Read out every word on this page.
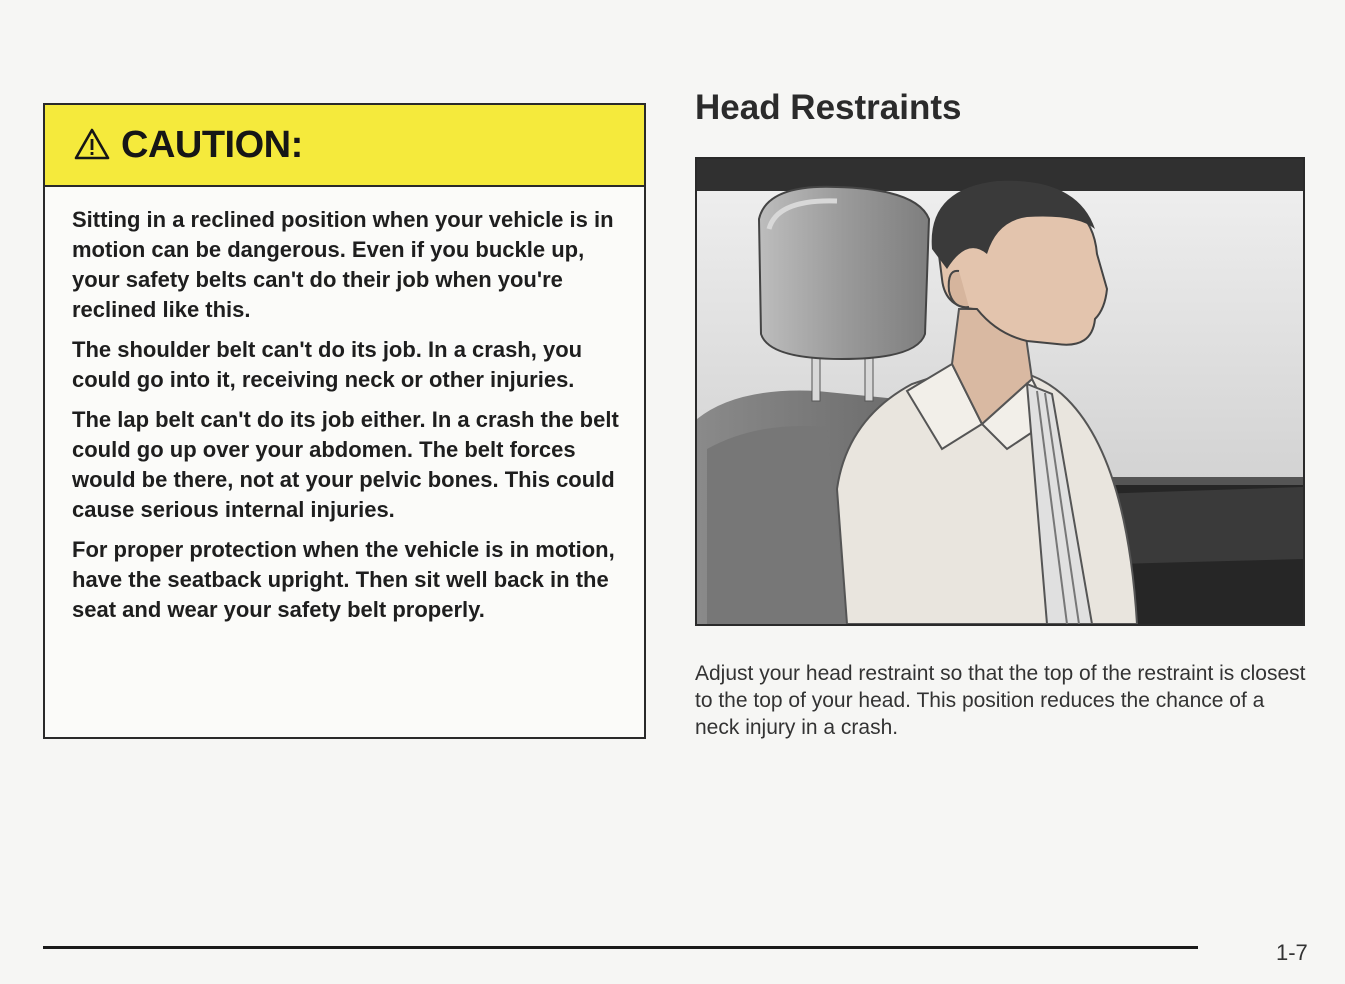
CAUTION:

Sitting in a reclined position when your vehicle is in motion can be dangerous. Even if you buckle up, your safety belts can't do their job when you're reclined like this.

The shoulder belt can't do its job. In a crash, you could go into it, receiving neck or other injuries.

The lap belt can't do its job either. In a crash the belt could go up over your abdomen. The belt forces would be there, not at your pelvic bones. This could cause serious internal injuries.

For proper protection when the vehicle is in motion, have the seatback upright. Then sit well back in the seat and wear your safety belt properly.

Head Restraints

Adjust your head restraint so that the top of the restraint is closest to the top of your head. This position reduces the chance of a neck injury in a crash.

1-7
